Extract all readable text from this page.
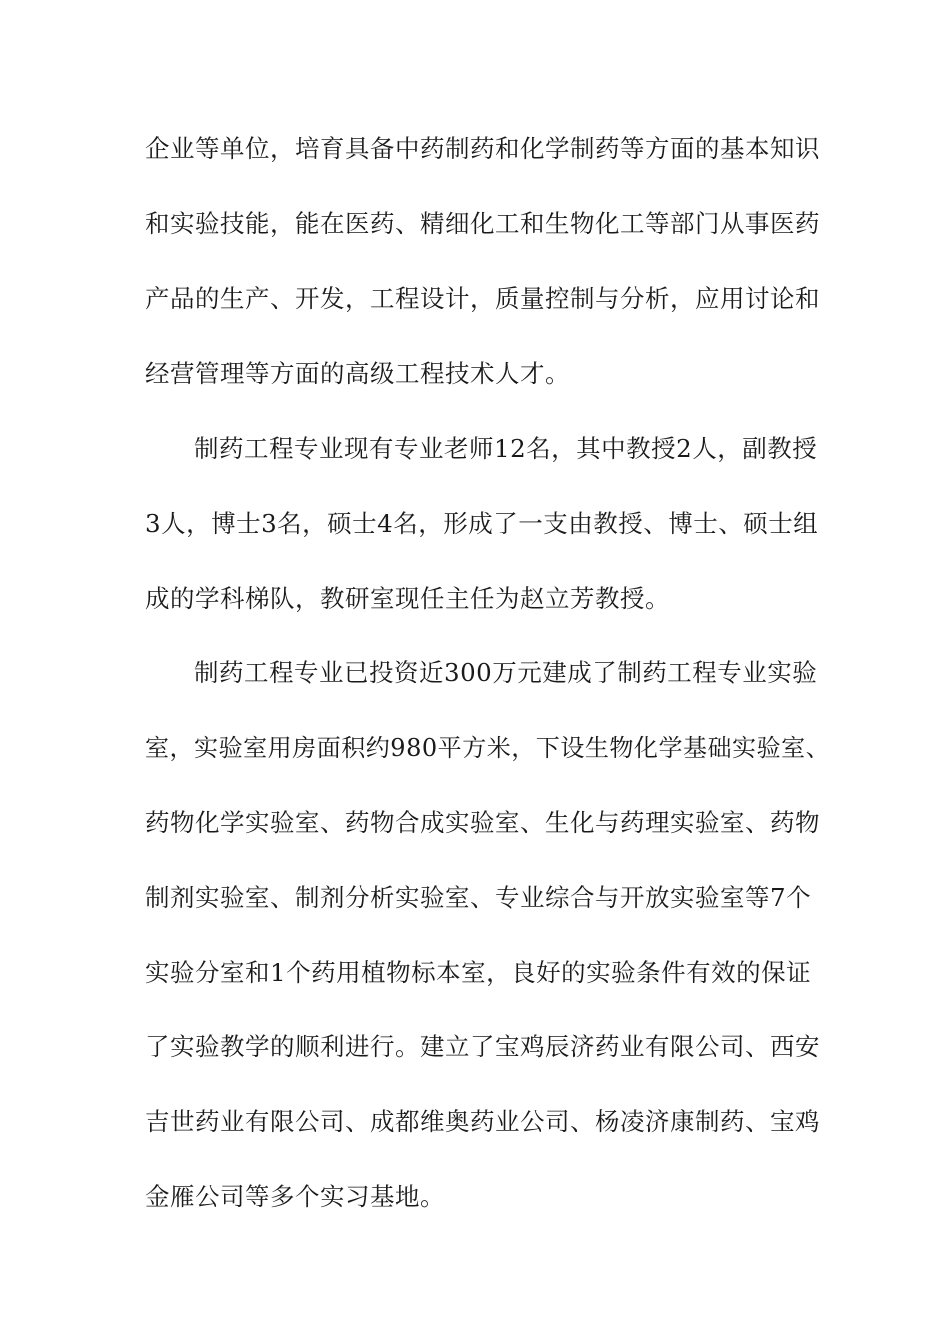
企业等单位，培育具备中药制药和化学制药等方面的基本知识

和实验技能，能在医药、精细化工和生物化工等部门从事医药

产品的生产、开发，工程设计，质量控制与分析，应用讨论和

经营管理等方面的高级工程技术人才。

制药工程专业现有专业老师12名，其中教授2人，副教授

3人，博士3名，硕士4名，形成了一支由教授、博士、硕士组

成的学科梯队，教研室现任主任为赵立芳教授。

制药工程专业已投资近300万元建成了制药工程专业实验

室，实验室用房面积约980平方米，下设生物化学基础实验室、

药物化学实验室、药物合成实验室、生化与药理实验室、药物

制剂实验室、制剂分析实验室、专业综合与开放实验室等7个

实验分室和1个药用植物标本室，良好的实验条件有效的保证

了实验教学的顺利进行。建立了宝鸡辰济药业有限公司、西安

吉世药业有限公司、成都维奥药业公司、杨凌济康制药、宝鸡

金雁公司等多个实习基地。
